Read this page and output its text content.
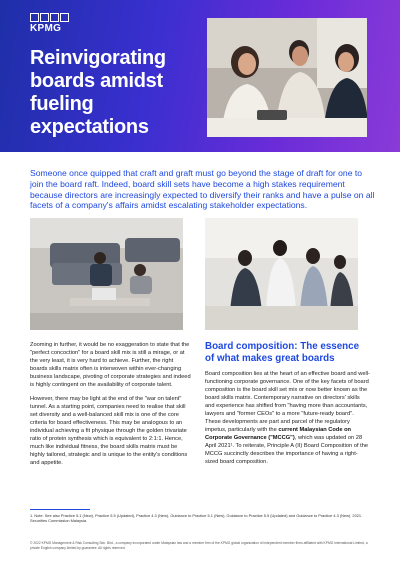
KPMG
Reinvigorating boards amidst fueling expectations

Someone once quipped that craft and graft must go beyond the stage of draft for one to join the board raft. Indeed, board skill sets have become a high stakes requirement because directors are increasingly expected to diversify their ranks and have a pulse on all facets of a company's affairs amidst escalating stakeholder expectations.

Zooming in further, it would be no exaggeration to state that the "perfect concoction" for a board skill mix is still a mirage, or at the very least, it is very hard to achieve. Further, the right boards skills matrix often is interwoven within ever-changing business landscape, pivoting of corporate strategies and indeed is highly contingent on the availability of corporate talent.

However, there may be light at the end of the "war on talent" tunnel. As a starting point, companies need to realise that skill set diversity and a well-balanced skill mix is one of the core criteria for board effectiveness. This may be analogous to an individual achieving a fit physique through the golden trivariate ratio of protein synthesis which is equivalent to 2:1:1. Hence, much like individual fitness, the board skills matrix must be highly tailored, strategic and is unique to the entity's conditions and appetite.

Board composition: The essence of what makes great boards

Board composition lies at the heart of an effective board and well-functioning corporate governance. One of the key facets of board composition is the board skill set mix or now better known as the board skills matrix. Contemporary narrative on directors' skills and experience has shifted from "having more than accountants, lawyers and "former CEOs" to a more "future-ready board". These developments are part and parcel of the regulatory impetus, particularly with the current Malaysian Code on Corporate Governance ("MCCG"), which was updated on 28 April 2021¹. To reiterate, Principle A (II) Board Composition of the MCCG succinctly describes the importance of having a right-sized board composition.

1. Note: See also Practice 5.1 (New), Practice 5.5 (Updated), Practice 4.3 (New), Guidance to Practice 5.1 (New), Guidance to Practice 5.5 (Updated) and Guidance to Practice 4.3 (New). 2021. Securities Commission Malaysia.

© 2022 KPMG Management & Risk Consulting Sdn. Bhd., a company incorporated under Malaysian law and a member firm of the KPMG global organization of independent member firms affiliated with KPMG International Limited, a private English company limited by guarantee. All rights reserved.
